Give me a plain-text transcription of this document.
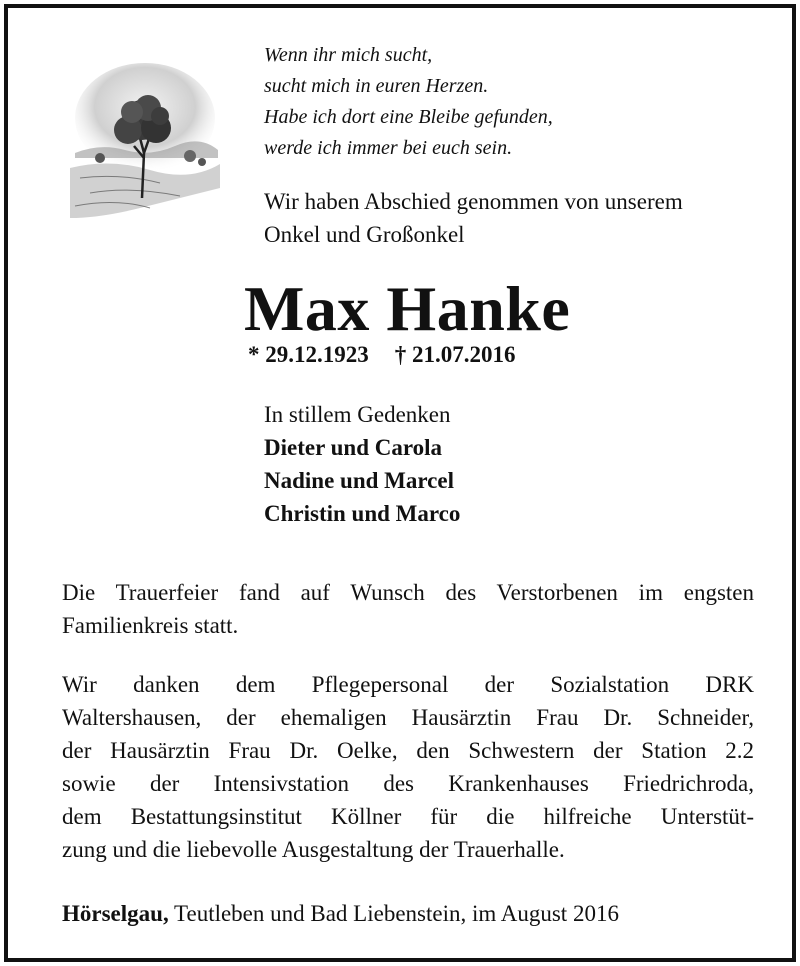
Wenn ihr mich sucht,
sucht mich in euren Herzen.
Habe ich dort eine Bleibe gefunden,
werde ich immer bei euch sein.
Wir haben Abschied genommen von unserem
Onkel und Großonkel
Max Hanke
* 29.12.1923 † 21.07.2016
In stillem Gedenken
Dieter und Carola
Nadine und Marcel
Christin und Marco
Die Trauerfeier fand auf Wunsch des Verstorbenen im engsten
Familienkreis statt.
Wir danken dem Pflegepersonal der Sozialstation DRK
Waltershausen, der ehemaligen Hausärztin Frau Dr. Schneider,
der Hausärztin Frau Dr. Oelke, den Schwestern der Station 2.2
sowie der Intensivstation des Krankenhauses Friedrichroda,
dem Bestattungsinstitut Köllner für die hilfreiche Unterstüt-
zung und die liebevolle Ausgestaltung der Trauerhalle.
Hörselgau, Teutleben und Bad Liebenstein, im August 2016
